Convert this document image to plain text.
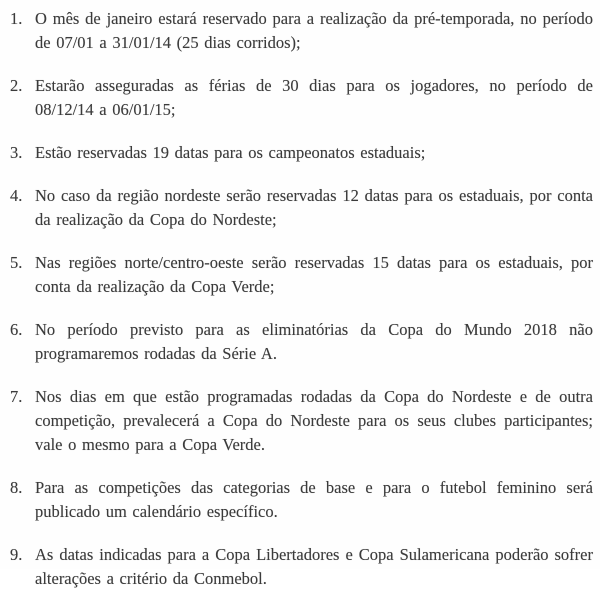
1. O mês de janeiro estará reservado para a realização da pré-temporada, no período de 07/01 a 31/01/14 (25 dias corridos);
2. Estarão asseguradas as férias de 30 dias para os jogadores, no período de 08/12/14 a 06/01/15;
3. Estão reservadas 19 datas para os campeonatos estaduais;
4. No caso da região nordeste serão reservadas 12 datas para os estaduais, por conta da realização da Copa do Nordeste;
5. Nas regiões norte/centro-oeste serão reservadas 15 datas para os estaduais, por conta da realização da Copa Verde;
6. No período previsto para as eliminatórias da Copa do Mundo 2018 não programaremos rodadas da Série A.
7. Nos dias em que estão programadas rodadas da Copa do Nordeste e de outra competição, prevalecerá a Copa do Nordeste para os seus clubes participantes; vale o mesmo para a Copa Verde.
8. Para as competições das categorias de base e para o futebol feminino será publicado um calendário específico.
9. As datas indicadas para a Copa Libertadores e Copa Sulamericana poderão sofrer alterações a critério da Conmebol.
